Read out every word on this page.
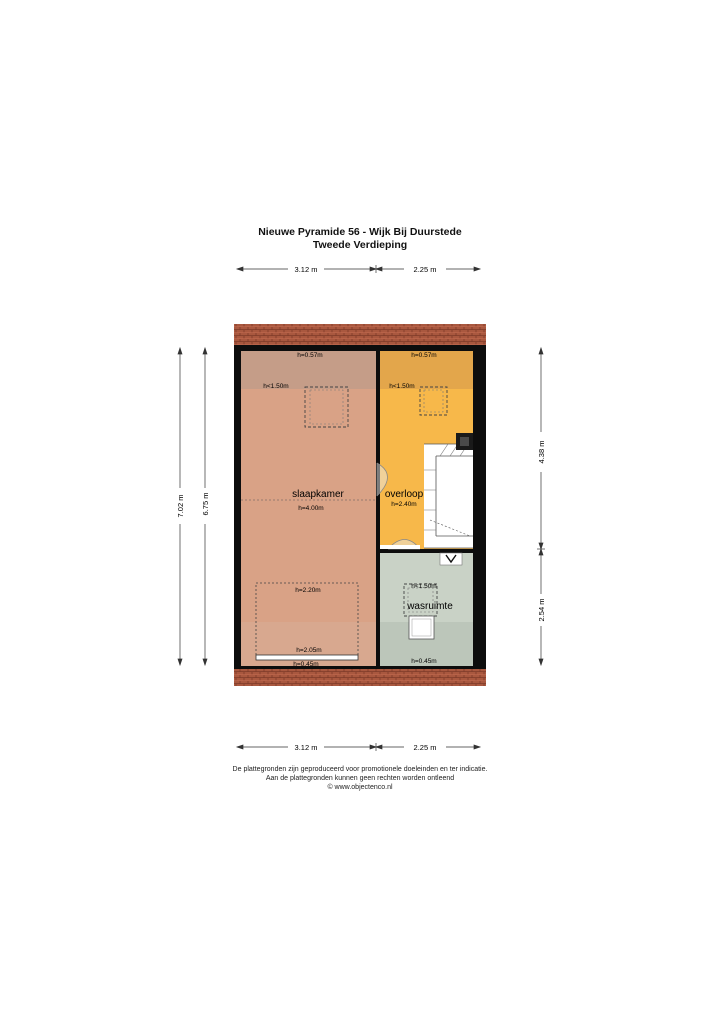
Nieuwe Pyramide 56 - Wijk Bij Duurstede
Tweede Verdieping
h=0.57m
h<1.50m
slaapkamer
h=4.00m
h=2.20m
h=2.05m
h=0.45m
h=0.57m
h<1.50m
overloop
h=2.40m
h<1.50m
wasruimte
h=0.45m
3.12 m	2.25 m
3.12 m	2.25 m
7.02 m 6.75 m
4.38 m
2.54 m
De plattegronden zijn geproduceerd voor promotionele doeleinden en ter indicatie.
Aan de plattegronden kunnen geen rechten worden ontleend
© www.objectenco.nl
